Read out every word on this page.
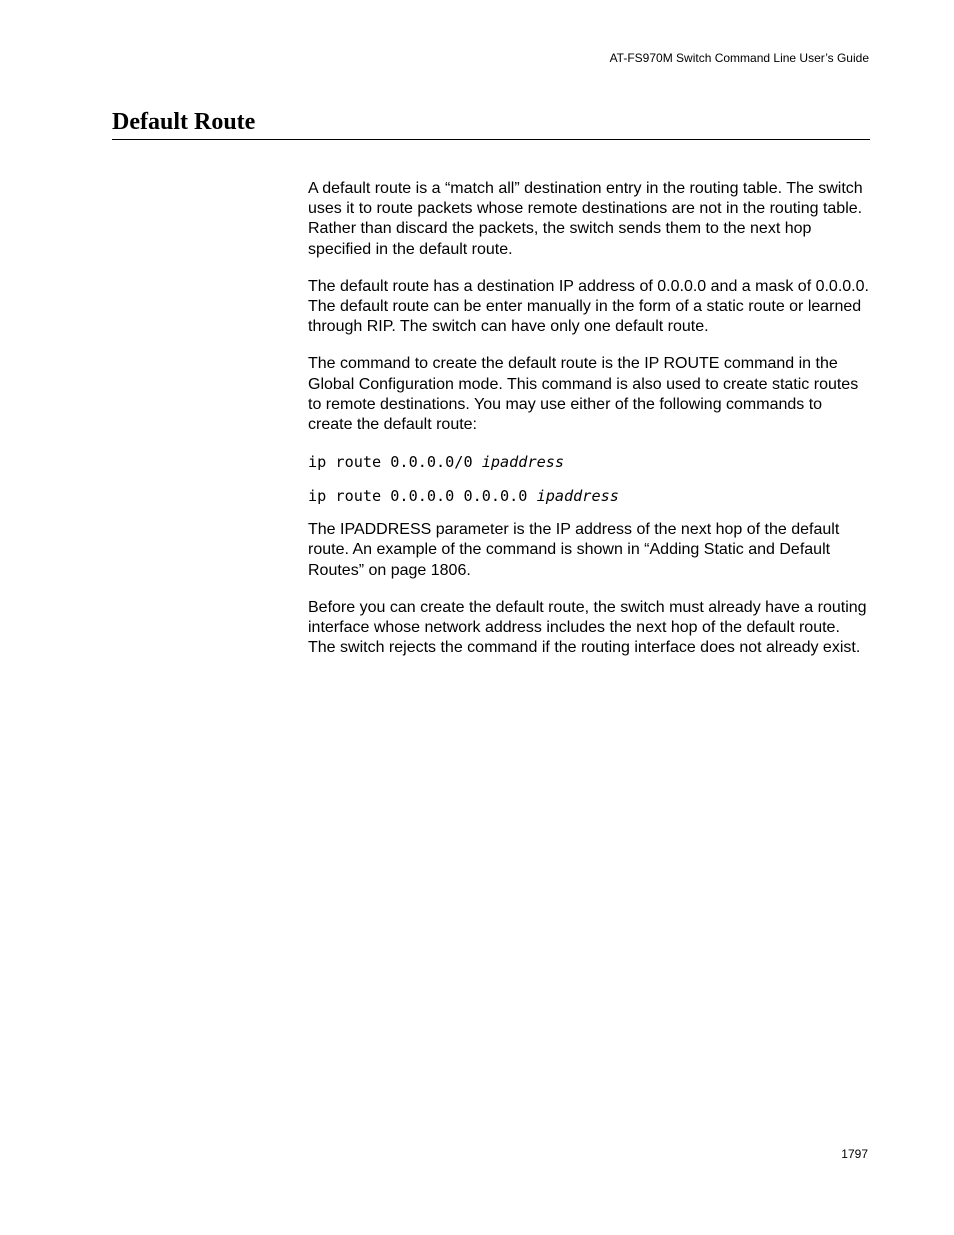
AT-FS970M Switch Command Line User’s Guide
Default Route

A default route is a “match all” destination entry in the routing table. The switch uses it to route packets whose remote destinations are not in the routing table. Rather than discard the packets, the switch sends them to the next hop specified in the default route.

The default route has a destination IP address of 0.0.0.0 and a mask of 0.0.0.0. The default route can be enter manually in the form of a static route or learned through RIP. The switch can have only one default route.

The command to create the default route is the IP ROUTE command in the Global Configuration mode. This command is also used to create static routes to remote destinations. You may use either of the following commands to create the default route:

ip route 0.0.0.0/0 ipaddress
ip route 0.0.0.0 0.0.0.0 ipaddress

The IPADDRESS parameter is the IP address of the next hop of the default route. An example of the command is shown in “Adding Static and Default Routes” on page 1806.

Before you can create the default route, the switch must already have a routing interface whose network address includes the next hop of the default route. The switch rejects the command if the routing interface does not already exist.

1797
